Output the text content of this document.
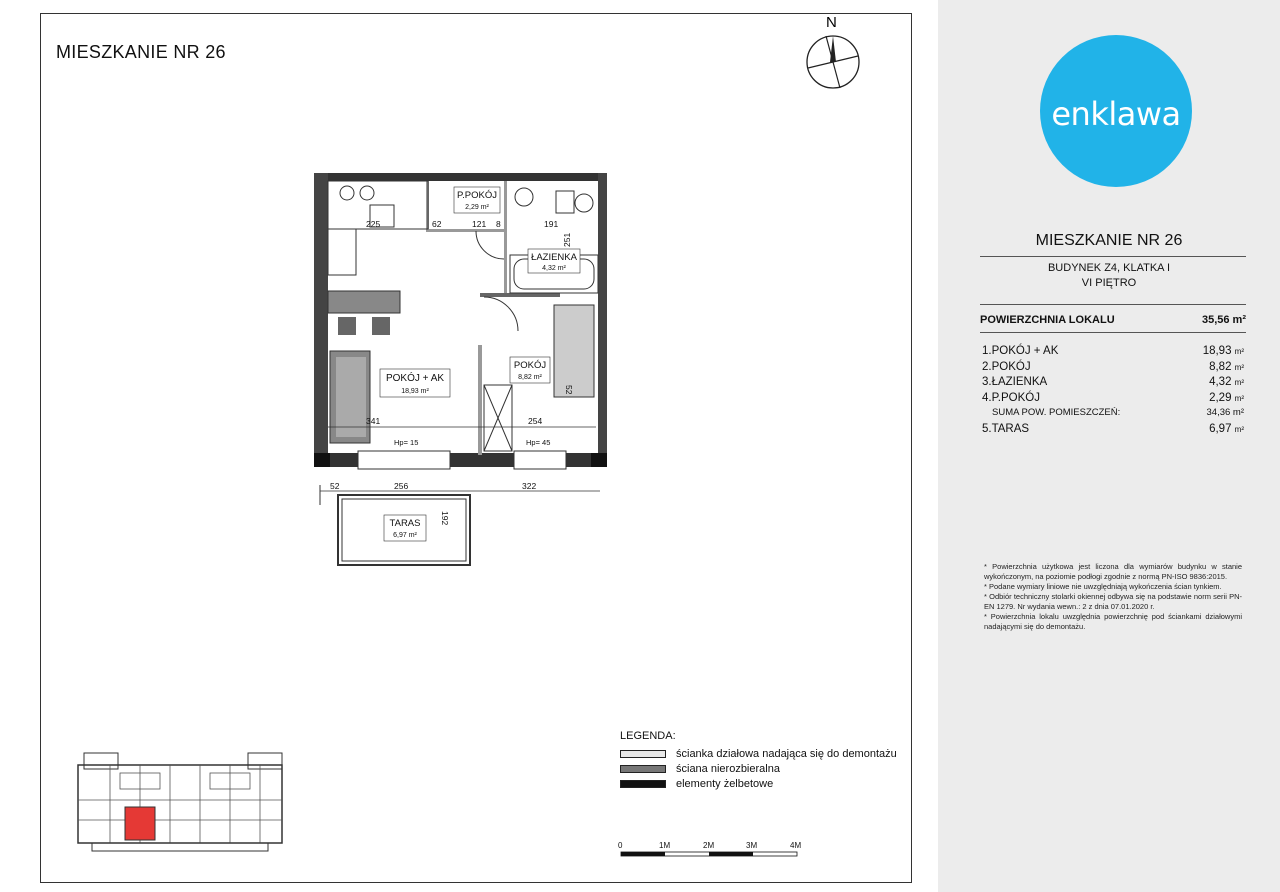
MIESZKANIE NR 26
N
P.POKÓJ
2,29 m²
ŁAZIENKA
4,32 m²
POKÓJ + AK
18,93 m²
POKÓJ
8,82 m²
TARAS
6,97 m²
225	62	121 8	191
251
52
341	254
52	256	322
192
Hp= 15	Hp= 45
LEGENDA:
ścianka działowa nadająca się do demontażu
ściana nierozbieralna
elementy żelbetowe
0	1M	2M	3M	4M
enklawa
MIESZKANIE NR 26
BUDYNEK Z4, KLATKA I
VI PIĘTRO
POWIERZCHNIA LOKALU	35,56 m²
1.POKÓJ + AK	18,93 m²
2.POKÓJ	8,82 m²
3.ŁAZIENKA	4,32 m²
4.P.POKÓJ	2,29 m²
SUMA POW. POMIESZCZEŃ:	34,36 m²
5.TARAS	6,97 m²

* Powierzchnia użytkowa jest liczona dla wymiarów budynku w stanie wykończonym, na poziomie podłogi zgodnie z normą PN-ISO 9836:2015.

* Podane wymiary liniowe nie uwzględniają wykończenia ścian tynkiem.

* Odbiór techniczny stolarki okiennej odbywa się na podstawie norm serii PN-EN 1279. Nr wydania wewn.: 2 z dnia 07.01.2020 r.

* Powierzchnia lokalu uwzględnia powierzchnię pod ściankami działowymi nadającymi się do demontażu.
